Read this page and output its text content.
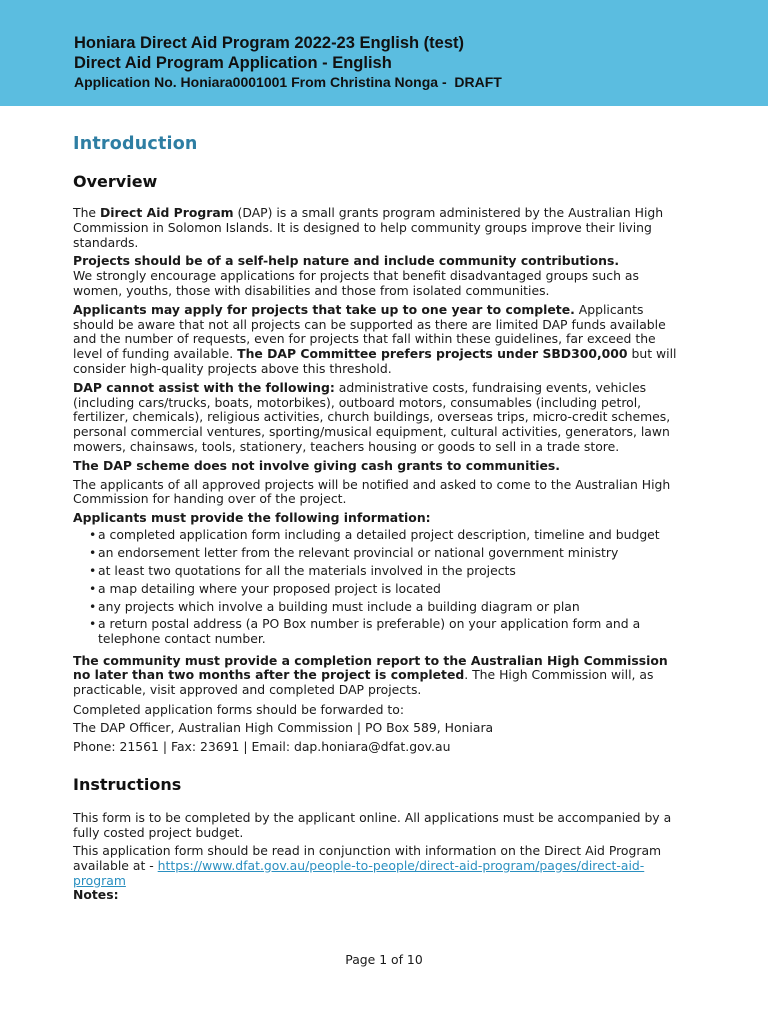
Honiara Direct Aid Program 2022-23 English (test)
Direct Aid Program Application - English
Application No. Honiara0001001 From Christina Nonga -  DRAFT
Introduction
Overview

The Direct Aid Program (DAP) is a small grants program administered by the Australian High Commission in Solomon Islands. It is designed to help community groups improve their living standards.

Projects should be of a self-help nature and include community contributions.
We strongly encourage applications for projects that benefit disadvantaged groups such as women, youths, those with disabilities and those from isolated communities.

Applicants may apply for projects that take up to one year to complete. Applicants should be aware that not all projects can be supported as there are limited DAP funds available and the number of requests, even for projects that fall within these guidelines, far exceed the level of funding available. The DAP Committee prefers projects under SBD300,000 but will consider high-quality projects above this threshold.

DAP cannot assist with the following: administrative costs, fundraising events, vehicles (including cars/trucks, boats, motorbikes), outboard motors, consumables (including petrol, fertilizer, chemicals), religious activities, church buildings, overseas trips, micro-credit schemes, personal commercial ventures, sporting/musical equipment, cultural activities, generators, lawn mowers, chainsaws, tools, stationery, teachers housing or goods to sell in a trade store.

The DAP scheme does not involve giving cash grants to communities.

The applicants of all approved projects will be notified and asked to come to the Australian High Commission for handing over of the project.

Applicants must provide the following information:

• a completed application form including a detailed project description, timeline and budget
• an endorsement letter from the relevant provincial or national government ministry
• at least two quotations for all the materials involved in the projects
• a map detailing where your proposed project is located
• any projects which involve a building must include a building diagram or plan
• a return postal address (a PO Box number is preferable) on your application form and a telephone contact number.

The community must provide a completion report to the Australian High Commission no later than two months after the project is completed. The High Commission will, as practicable, visit approved and completed DAP projects.

Completed application forms should be forwarded to:

The DAP Officer, Australian High Commission | PO Box 589, Honiara

Phone: 21561 | Fax: 23691 | Email: dap.honiara@dfat.gov.au

Instructions

This form is to be completed by the applicant online. All applications must be accompanied by a fully costed project budget.

This application form should be read in conjunction with information on the Direct Aid Program available at - https://www.dfat.gov.au/people-to-people/direct-aid-program/pages/direct-aid-program

Notes:

Page 1 of 10
